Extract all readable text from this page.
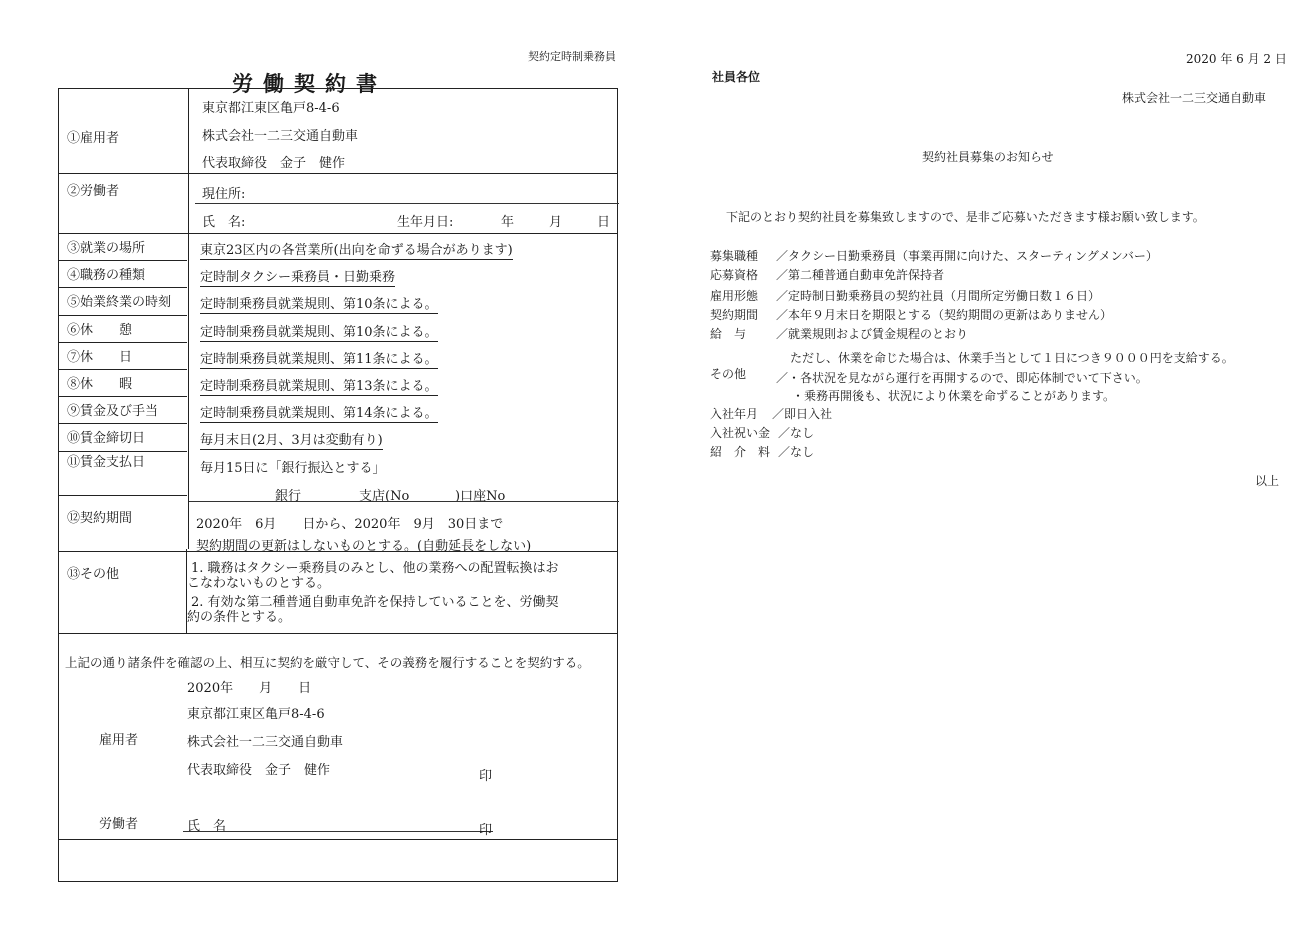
契約定時制乗務員
労働契約書
①雇用者
東京都江東区亀戸8-4-6
株式会社一二三交通自動車
代表取締役　金子　健作
②労働者	現住所:
氏　名:	生年月日:	年	月	日
⑪賃金支払日	毎月15日に「銀行振込とする」
銀行	支店(No	)口座No
⑫契約期間	2020年　6月　　日から、2020年　9月　30日まで
契約期間の更新はしないものとする。(自動延長をしない)
⑬その他	1. 職務はタクシー乗務員のみとし、他の業務への配置転換はお
こなわないものとする。
2. 有効な第二種普通自動車免許を保持していることを、労働契
約の条件とする。
上記の通り諸条件を確認の上、相互に契約を厳守して、その義務を履行することを契約する。
2020年　　月　　日
東京都江東区亀戸8-4-6
雇用者	株式会社一二三交通自動車
代表取締役　金子　健作	印
労働者	氏　名	印
③就業の場所	東京23区内の各営業所(出向を命ずる場合があります)
④職務の種類	定時制タクシー乗務員・日勤乗務
⑤始業終業の時刻 定時制乗務員就業規則、第10条による。
⑥休　　憩	定時制乗務員就業規則、第10条による。
⑦休　　日	定時制乗務員就業規則、第11条による。
⑧休　　暇	定時制乗務員就業規則、第13条による。
⑨賃金及び手当	定時制乗務員就業規則、第14条による。
⑩賃金締切日	毎月末日(2月、3月は変動有り)
2020 年 6 月 2 日
社員各位
株式会社一二三交通自動車
契約社員募集のお知らせ
下記のとおり契約社員を募集致しますので、是非ご応募いただきます様お願い致します。
募集職種 ／タクシー日勤乗務員（事業再開に向けた、スターティングメンバー）
応募資格 ／第二種普通自動車免許保持者
雇用形態 ／定時制日勤乗務員の契約社員（月間所定労働日数１６日）
契約期間 ／本年９月末日を期限とする（契約期間の更新はありません）
給　与 ／就業規則および賃金規程のとおり
ただし、休業を命じた場合は、休業手当として１日につき９０００円を支給する。
その他 ／・各状況を見ながら運行を再開するので、即応体制でいて下さい。
・乗務再開後も、状況により休業を命ずることがあります。
入社年月 ／即日入社
入社祝い金 ／なし
紹　介　料 ／なし
以上
